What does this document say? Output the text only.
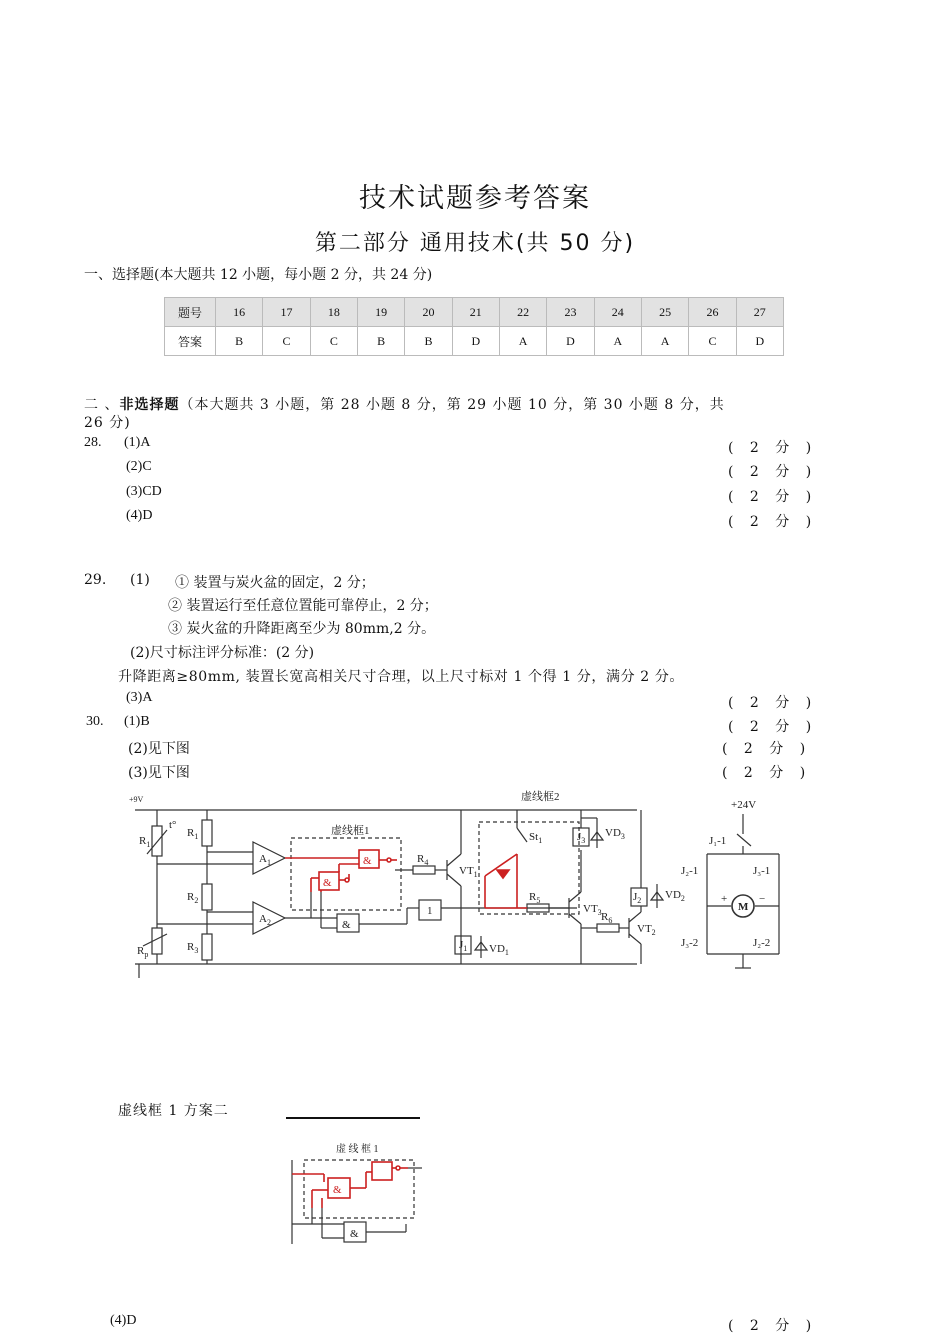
技术试题参考答案
第二部分 通用技术(共 50 分)
一、选择题(本大题共 12 小题，每小题 2 分，共 24 分)
题号	16	17	18	19	20	21	22	23	24	25	26	27
答案	B	C	C	B	B	D	A	D	A	A	C	D
二 、非选择题（本大题共 3 小题，第 28 小题 8 分，第 29 小题 10 分，第 30 小题 8 分，共
26 分)
28. (1)A	( 2 分 )
(2)C	( 2 分 )
(3)CD	( 2 分 )
(4)D	( 2 分 )
29. (1) ① 装置与炭火盆的固定，2 分；
② 装置运行至任意位置能可靠停止，2 分；
③ 炭火盆的升降距离至少为 80mm,2 分。
(2)尺寸标注评分标准：(2 分)
升降距离≥80mm, 装置长宽高相关尺寸合理，以上尺寸标对 1 个得 1 分，满分 2 分。
(3)A	( 2 分 )
30. (1)B	( 2 分 )
(2)见下图	( 2 分 )
(3)见下图	( 2 分 )
+9V
$R_1$
t°
$R_1$
$R_2$
$R_3$
$R_p$
$A_1$
$A_2$
虚线框1
虚线框2
&
&
&
1
$R_4$
$VT_1$
$St_1$
$R_5$
$VT_3$
$J_3$
$VD_3$
$J_1$ $VD_1$
$R_6$
$VT_2$
$J_2$ $VD_2$
+24V
J₁-1
J₂-1	J₃-1
J₃-2	J₂-2
M
+	−
虚线框 1 方案二
虚 线 框 1
&
&
(4)D	( 2 分 )
